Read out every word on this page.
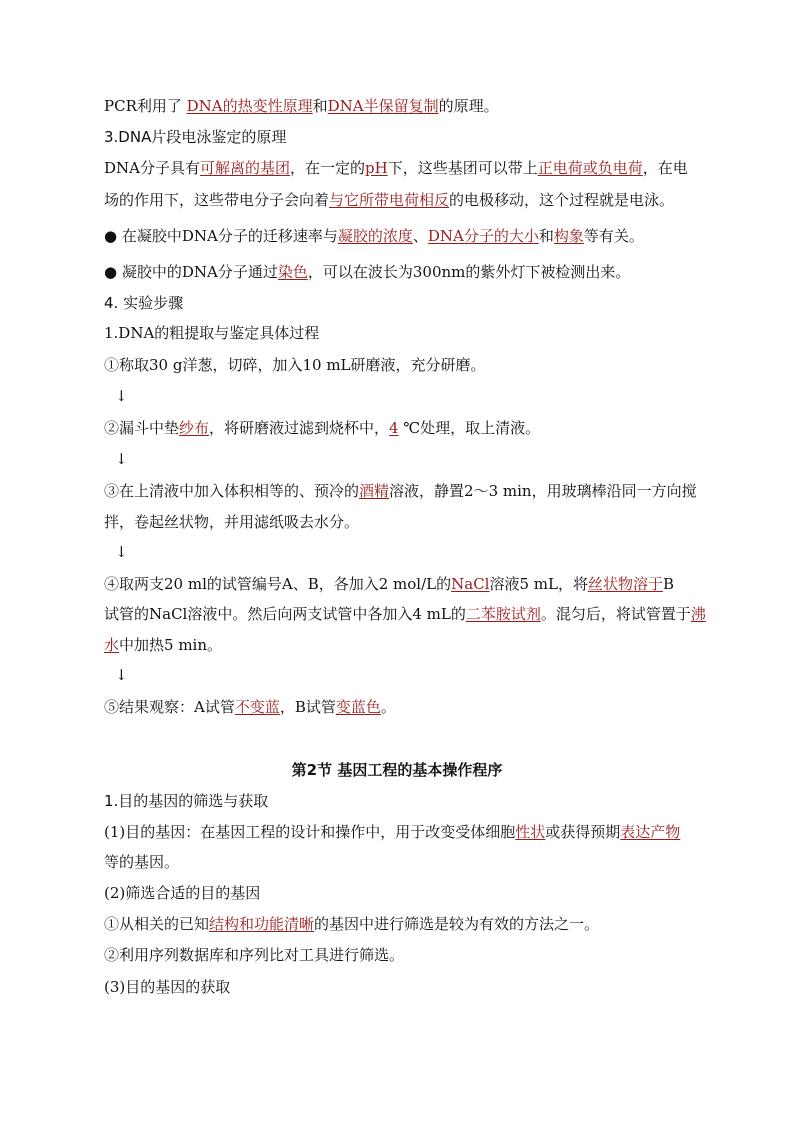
PCR利用了 DNA的热变性原理和DNA半保留复制的原理。
3.DNA片段电泳鉴定的原理
DNA分子具有可解离的基团，在一定的pH下，这些基团可以带上正电荷或负电荷，在电
场的作用下，这些带电分子会向着与它所带电荷相反的电极移动，这个过程就是电泳。
● 在凝胶中DNA分子的迁移速率与凝胶的浓度、DNA分子的大小和构象等有关。
● 凝胶中的DNA分子通过染色，可以在波长为300nm的紫外灯下被检测出来。
4. 实验步骤
1.DNA的粗提取与鉴定具体过程
①称取30 g洋葱，切碎，加入10 mL研磨液，充分研磨。
↓
②漏斗中垫纱布，将研磨液过滤到烧杯中，4 ℃处理，取上清液。
↓
③在上清液中加入体积相等的、预冷的酒精溶液，静置2～3 min，用玻璃棒沿同一方向搅
拌，卷起丝状物，并用滤纸吸去水分。
↓
④取两支20 ml的试管编号A、B，各加入2 mol/L的NaCl溶液5 mL，将丝状物溶于B
试管的NaCl溶液中。然后向两支试管中各加入4 mL的二苯胺试剂。混匀后，将试管置于沸
水中加热5 min。
↓
⑤结果观察：A试管不变蓝，B试管变蓝色。
第2节 基因工程的基本操作程序
1.目的基因的筛选与获取
(1)目的基因：在基因工程的设计和操作中，用于改变受体细胞性状或获得预期表达产物
等的基因。
(2)筛选合适的目的基因
①从相关的已知结构和功能清晰的基因中进行筛选是较为有效的方法之一。
②利用序列数据库和序列比对工具进行筛选。
(3)目的基因的获取
